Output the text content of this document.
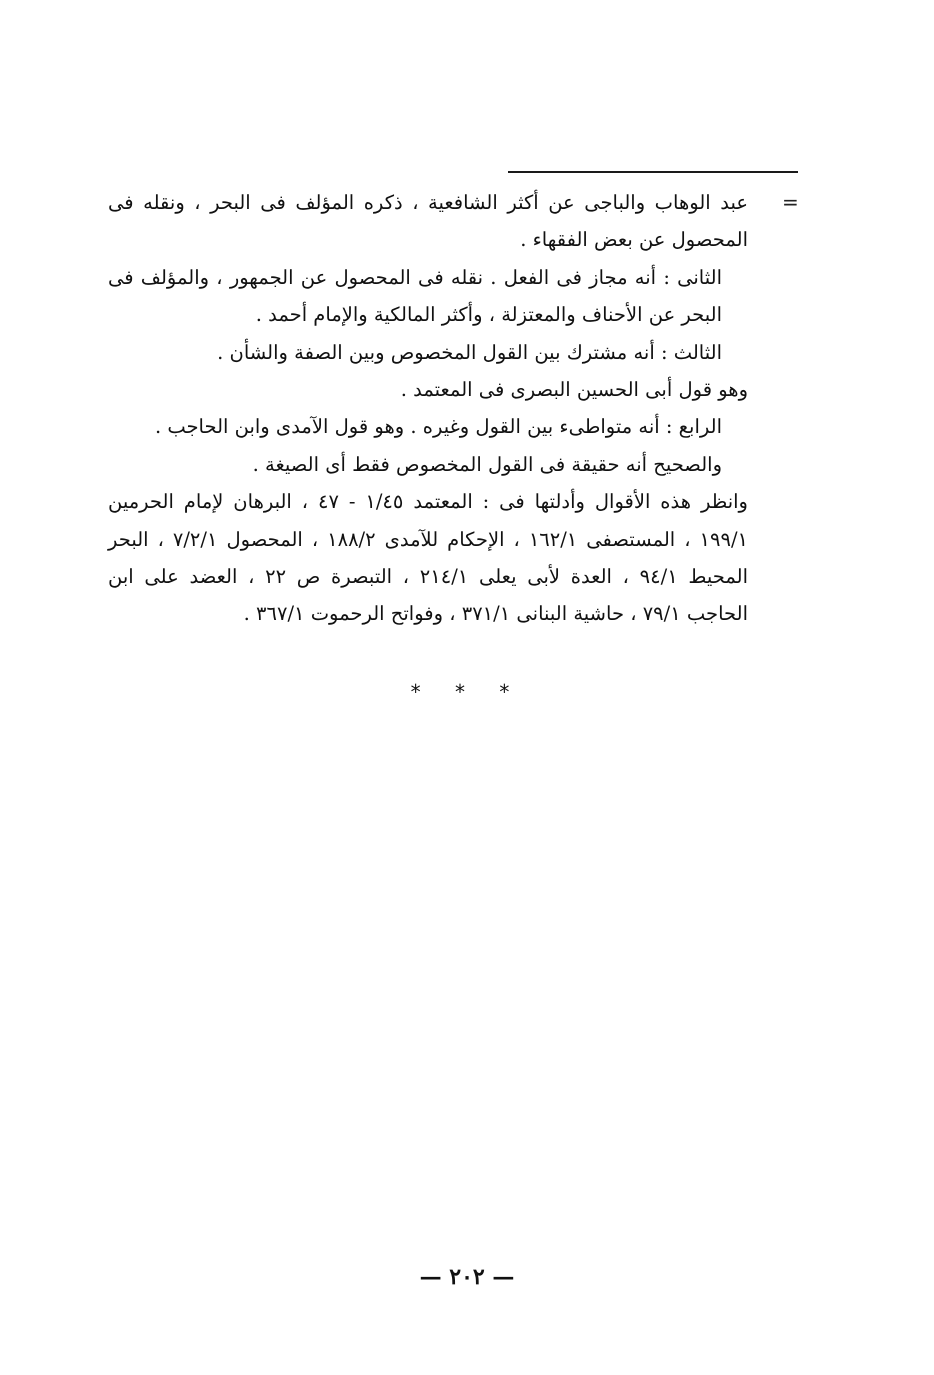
=

عبد الوهاب والباجى عن أكثر الشافعية ، ذكره المؤلف فى البحر ، ونقله فى المحصول عن بعض الفقهاء .

الثانى : أنه مجاز فى الفعل . نقله فى المحصول عن الجمهور ، والمؤلف فى البحر عن الأحناف والمعتزلة ، وأكثر المالكية والإمام أحمد .

الثالث : أنه مشترك بين القول المخصوص وبين الصفة والشأن .

وهو قول أبى الحسين البصرى فى المعتمد .

الرابع : أنه متواطىء بين القول وغيره . وهو قول الآمدى وابن الحاجب .

والصحيح أنه حقيقة فى القول المخصوص فقط أى الصيغة .

وانظر هذه الأقوال وأدلتها فى : المعتمد ١/٤٥ - ٤٧ ، البرهان لإمام الحرمين ١٩٩/١ ، المستصفى ١٦٢/١ ، الإحكام للآمدى ١٨٨/٢ ، المحصول ٧/٢/١ ، البحر المحيط ٩٤/١ ، العدة لأبى يعلى ٢١٤/١ ، التبصرة ص ٢٢ ، العضد على ابن الحاجب ٧٩/١ ، حاشية البنانى ٣٧١/١ ، وفواتح الرحموت ٣٦٧/١ .

* * *
— ٢٠٢ —
